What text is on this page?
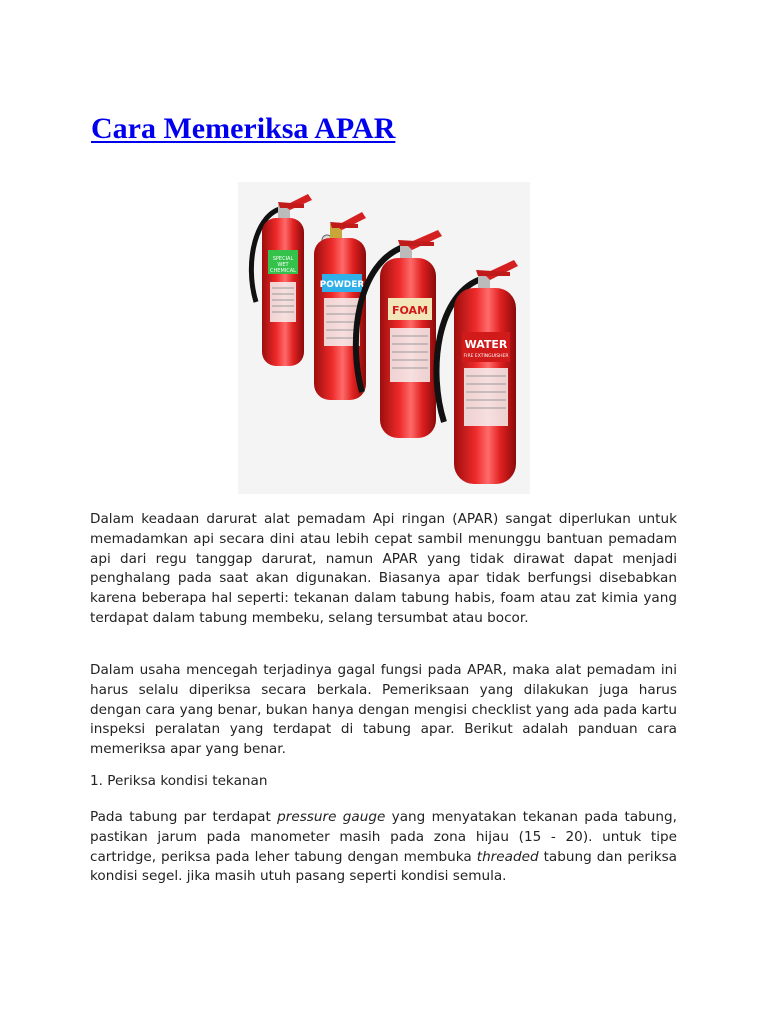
Cara Memeriksa APAR
SPECIAL
WET
CHEMICAL
POWDER
FOAM
WATER
FIRE EXTINGUISHER

Dalam keadaan darurat alat pemadam Api ringan (APAR) sangat diperlukan untuk memadamkan api secara dini atau lebih cepat sambil menunggu bantuan pemadam api dari regu tanggap darurat, namun APAR yang tidak dirawat dapat menjadi penghalang pada saat akan digunakan. Biasanya apar tidak berfungsi disebabkan karena beberapa hal seperti: tekanan dalam tabung habis, foam atau zat kimia yang terdapat dalam tabung membeku, selang tersumbat atau bocor.

Dalam usaha mencegah terjadinya gagal fungsi pada APAR, maka alat pemadam ini harus selalu diperiksa secara berkala. Pemeriksaan yang dilakukan juga harus dengan cara yang benar, bukan hanya dengan mengisi checklist yang ada pada kartu inspeksi peralatan yang terdapat di tabung apar. Berikut adalah panduan cara memeriksa apar yang benar.

1. Periksa kondisi tekanan

Pada tabung par terdapat pressure gauge yang menyatakan tekanan pada tabung, pastikan jarum pada manometer masih pada zona hijau (15 - 20). untuk tipe cartridge, periksa pada leher tabung dengan membuka threaded tabung dan periksa kondisi segel. jika masih utuh pasang seperti kondisi semula.
